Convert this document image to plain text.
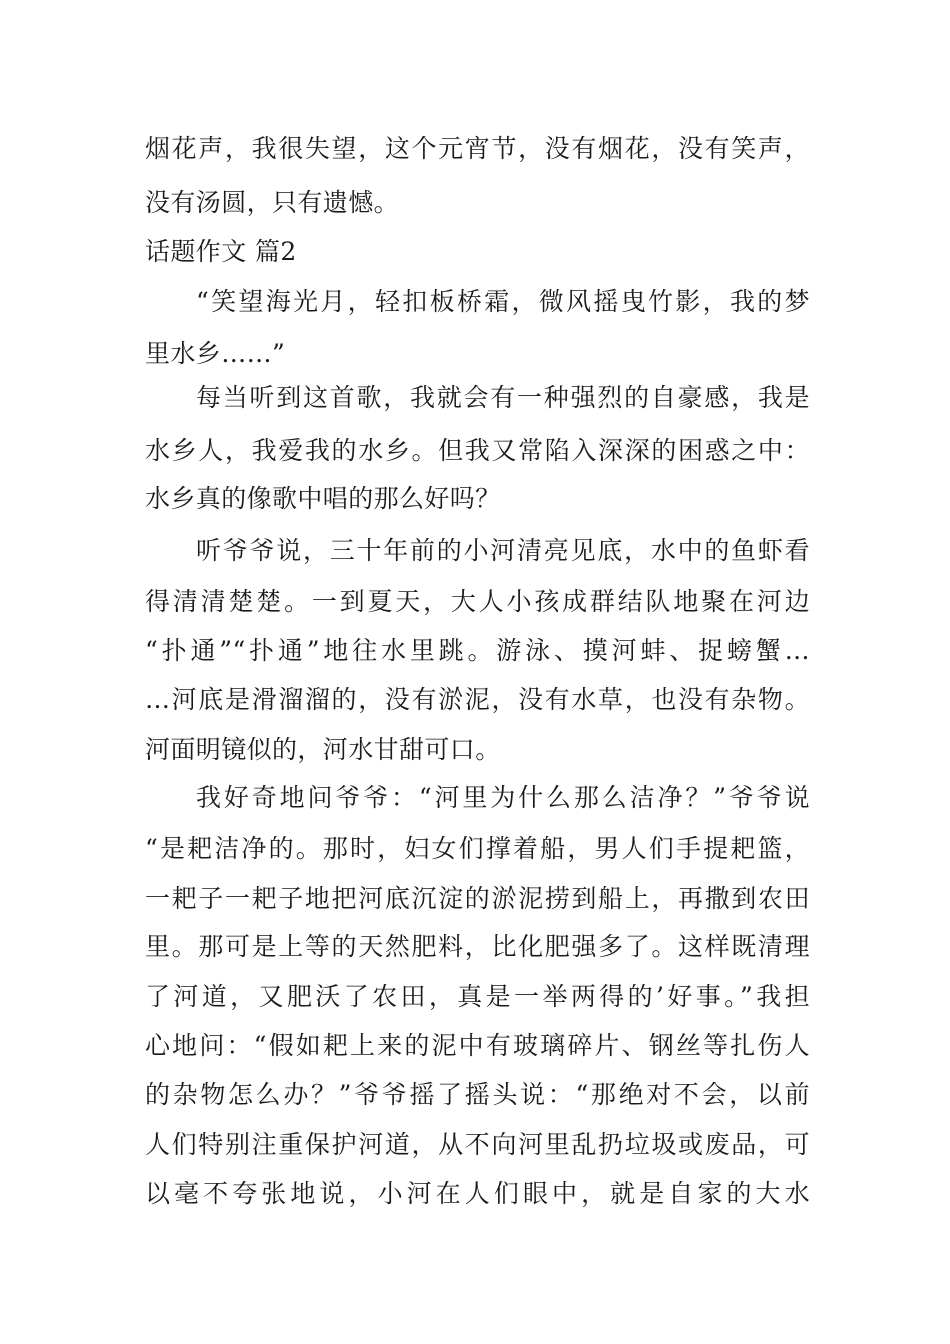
烟花声，我很失望，这个元宵节，没有烟花，没有笑声，
没有汤圆，只有遗憾。
话题作文 篇2
“笑望海光月，轻扣板桥霜，微风摇曳竹影，我的梦
里水乡……”
每当听到这首歌，我就会有一种强烈的自豪感，我是
水乡人，我爱我的水乡。但我又常陷入深深的困惑之中：
水乡真的像歌中唱的那么好吗？
听爷爷说，三十年前的小河清亮见底，水中的鱼虾看
得清清楚楚。一到夏天，大人小孩成群结队地聚在河边
“扑通”“扑通”地往水里跳。游泳、摸河蚌、捉螃蟹…
…河底是滑溜溜的，没有淤泥，没有水草，也没有杂物。
河面明镜似的，河水甘甜可口。
我好奇地问爷爷：“河里为什么那么洁净？”爷爷说
“是耙洁净的。那时，妇女们撑着船，男人们手提耙篮，
一耙子一耙子地把河底沉淀的淤泥捞到船上，再撒到农田
里。那可是上等的天然肥料，比化肥强多了。这样既清理
了河道，又肥沃了农田，真是一举两得的’好事。”我担
心地问：“假如耙上来的泥中有玻璃碎片、钢丝等扎伤人
的杂物怎么办？”爷爷摇了摇头说：“那绝对不会，以前
人们特别注重保护河道，从不向河里乱扔垃圾或废品，可
以毫不夸张地说，小河在人们眼中，就是自家的大水
